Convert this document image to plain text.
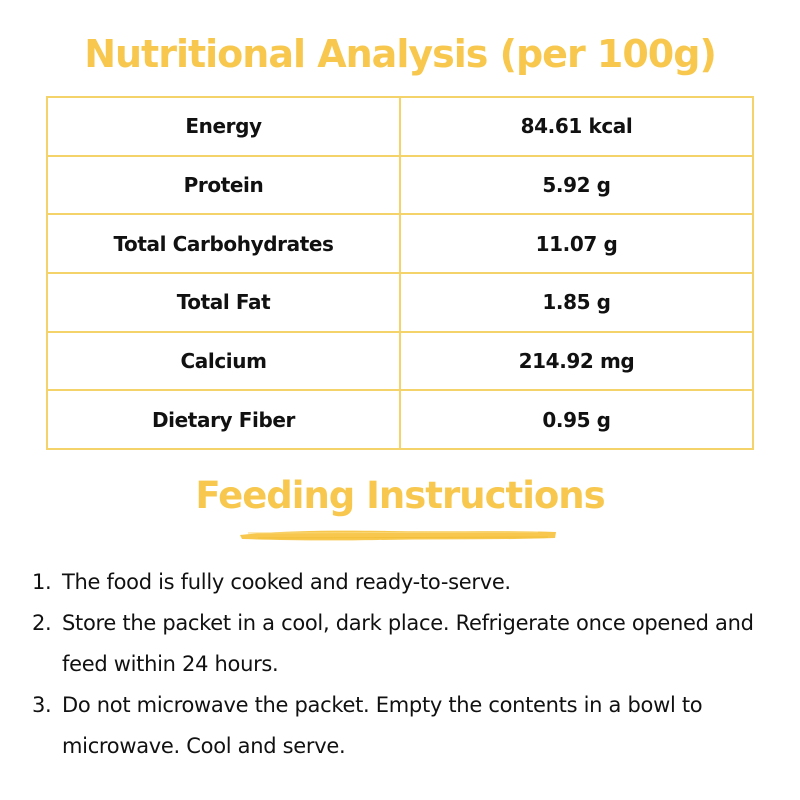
Nutritional Analysis (per 100g)
Energy	84.61 kcal
Protein	5.92 g
Total Carbohydrates	11.07 g
Total Fat	1.85 g
Calcium	214.92 mg
Dietary Fiber	0.95 g
Feeding Instructions
1. The food is fully cooked and ready-to-serve.
2. Store the packet in a cool, dark place. Refrigerate once opened and feed within 24 hours.
3. Do not microwave the packet. Empty the contents in a bowl to microwave. Cool and serve.
